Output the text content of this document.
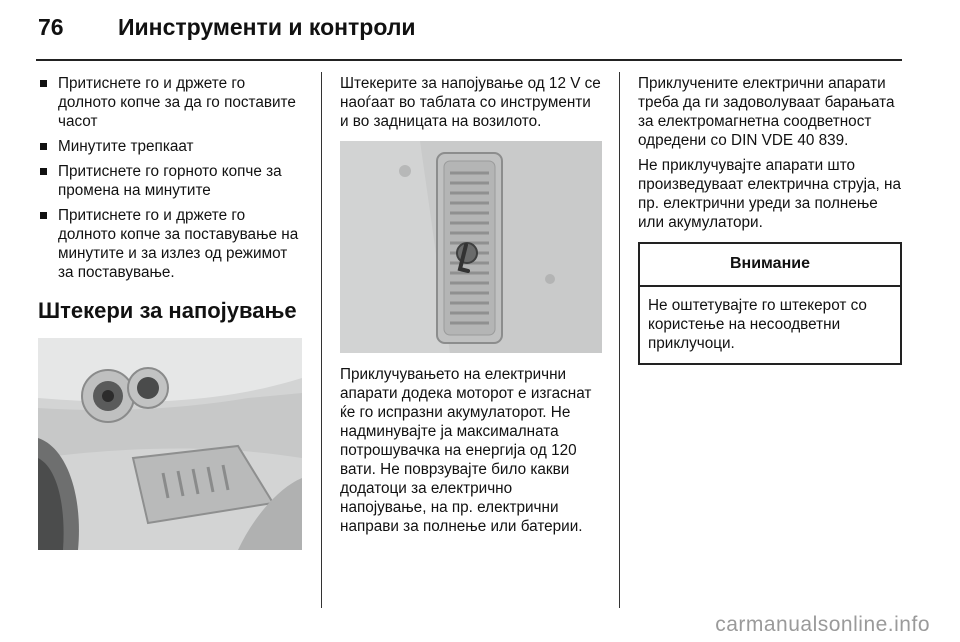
76 Иинструменти и контроли
Притиснете го и држете го долното копче за да го поставите часот
Минутите трепкаат
Притиснете го горното копче за промена на минутите
Притиснете го и држете го долното копче за поставување на минутите и за излез од режимот за поставување.
Штекери за напојување

Штекерите за напојување од 12 V се наоѓаат во таблата со инструменти и во задницата на возилото.

Приклучувањето на електрични апарати додека моторот е изгаснат ќе го испразни акумулаторот. Не надминувајте ја максималната потрошувачка на енергија од 120 вати. Не поврзувајте било какви додатоци за електрично напојување, на пр. електрични направи за полнење или батерии.

Приклучените електрични апарати треба да ги задоволуваат барањата за електромагнетна соодветност одредени со DIN VDE 40 839.

Не приклучувајте апарати што произведуваат електрична струја, на пр. електрични уреди за полнење или акумулатори.

Внимание
Не оштетувајте го штекерот со користење на несоодветни приклучоци.
carmanualsonline.info
